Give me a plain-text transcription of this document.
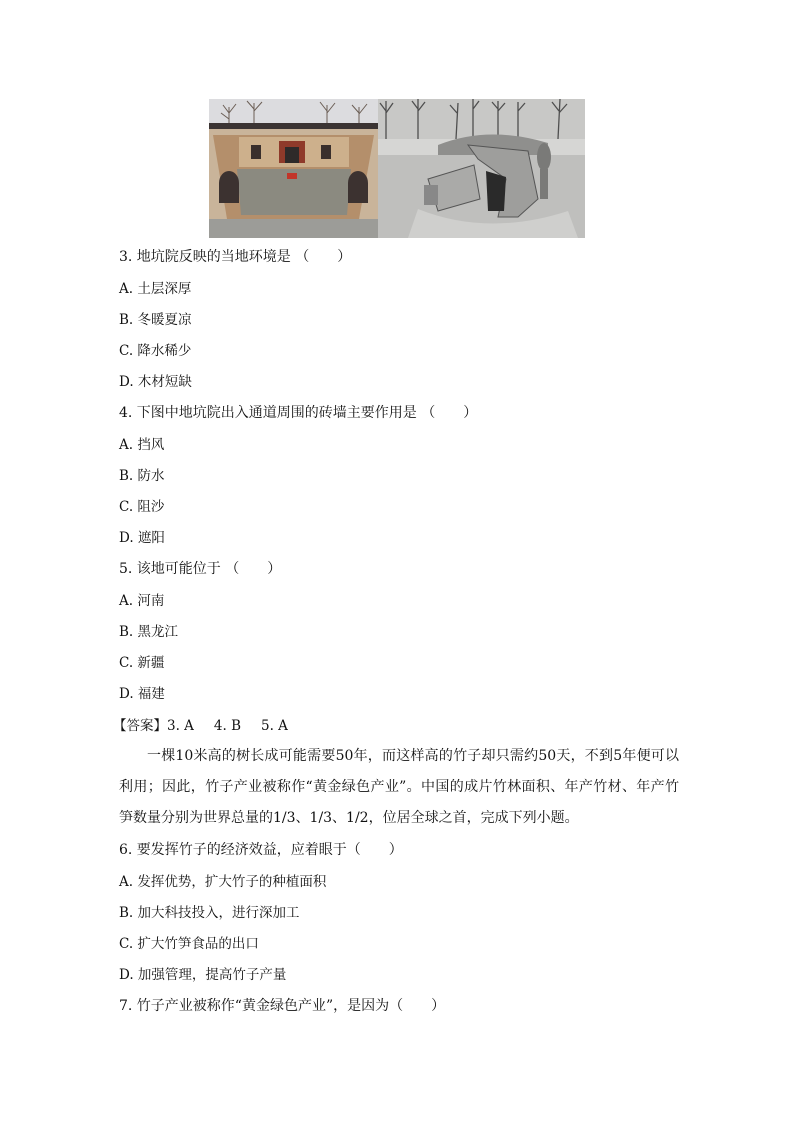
3. 地坑院反映的当地环境是 （　　）
A. 土层深厚
B. 冬暖夏凉
C. 降水稀少
D. 木材短缺
4. 下图中地坑院出入通道周围的砖墙主要作用是 （　　）
A. 挡风
B. 防水
C. 阻沙
D. 遮阳
5. 该地可能位于 （　　）
A. 河南
B. 黑龙江
C. 新疆
D. 福建
【答案】3. A 4. B 5. A
一棵10米高的树长成可能需要50年，而这样高的竹子却只需约50天，不到5年便可以利用；因此，竹子产业被称作“黄金绿色产业”。中国的成片竹林面积、年产竹材、年产竹笋数量分别为世界总量的1/3、1/3、1/2，位居全球之首，完成下列小题。
6. 要发挥竹子的经济效益，应着眼于（　　）
A. 发挥优势，扩大竹子的种植面积
B. 加大科技投入，进行深加工
C. 扩大竹笋食品的出口
D. 加强管理，提高竹子产量
7. 竹子产业被称作“黄金绿色产业”，是因为（　　）
